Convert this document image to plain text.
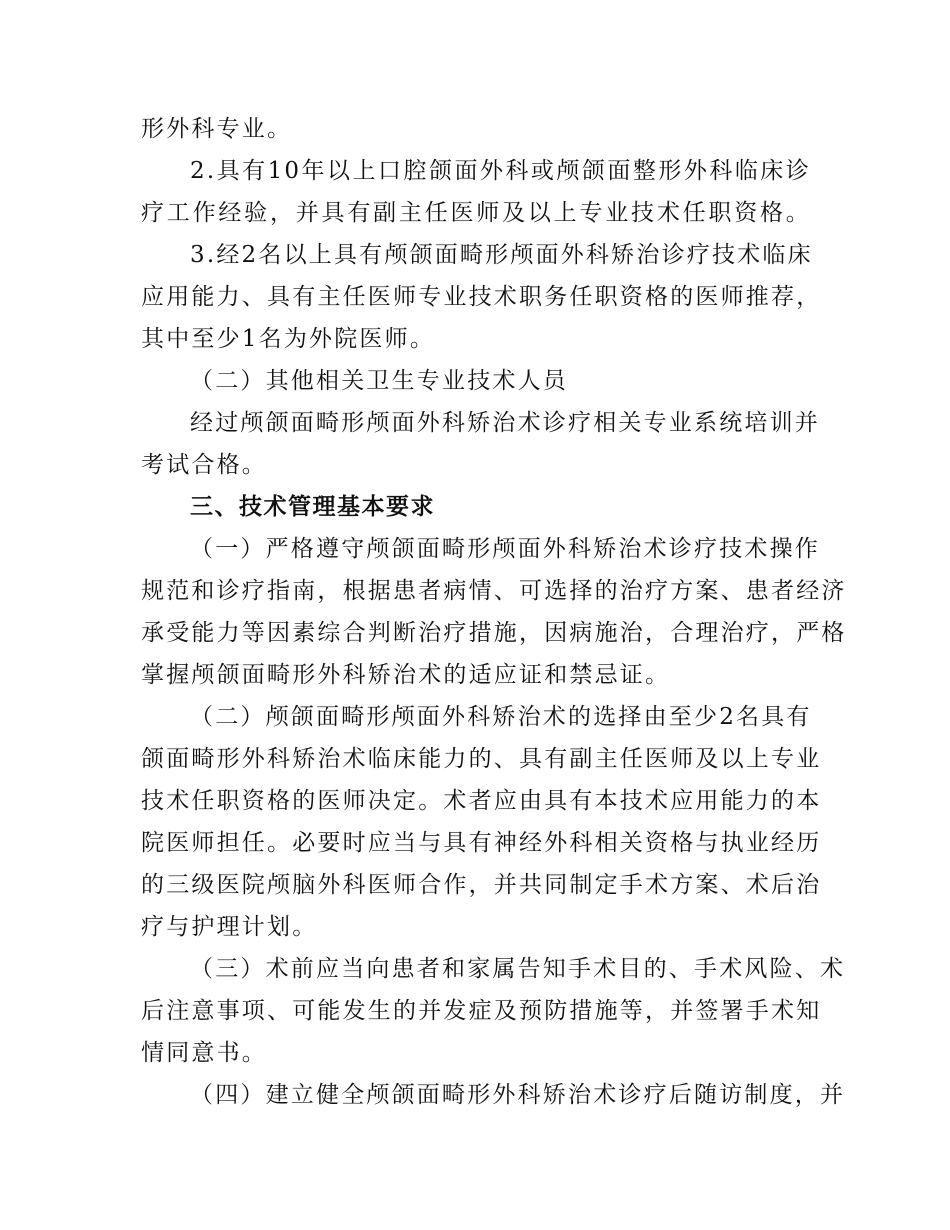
形外科专业。
2.具有10年以上口腔颌面外科或颅颌面整形外科临床诊
疗工作经验，并具有副主任医师及以上专业技术任职资格。
3.经2名以上具有颅颌面畸形颅面外科矫治诊疗技术临床
应用能力、具有主任医师专业技术职务任职资格的医师推荐，
其中至少1名为外院医师。
（二）其他相关卫生专业技术人员
经过颅颌面畸形颅面外科矫治术诊疗相关专业系统培训并
考试合格。
三、技术管理基本要求
（一）严格遵守颅颌面畸形颅面外科矫治术诊疗技术操作
规范和诊疗指南，根据患者病情、可选择的治疗方案、患者经济
承受能力等因素综合判断治疗措施，因病施治，合理治疗，严格
掌握颅颌面畸形外科矫治术的适应证和禁忌证。
（二）颅颌面畸形颅面外科矫治术的选择由至少2名具有
颌面畸形外科矫治术临床能力的、具有副主任医师及以上专业
技术任职资格的医师决定。术者应由具有本技术应用能力的本
院医师担任。必要时应当与具有神经外科相关资格与执业经历
的三级医院颅脑外科医师合作，并共同制定手术方案、术后治
疗与护理计划。
（三）术前应当向患者和家属告知手术目的、手术风险、术
后注意事项、可能发生的并发症及预防措施等，并签署手术知
情同意书。
（四）建立健全颅颌面畸形外科矫治术诊疗后随访制度，并
